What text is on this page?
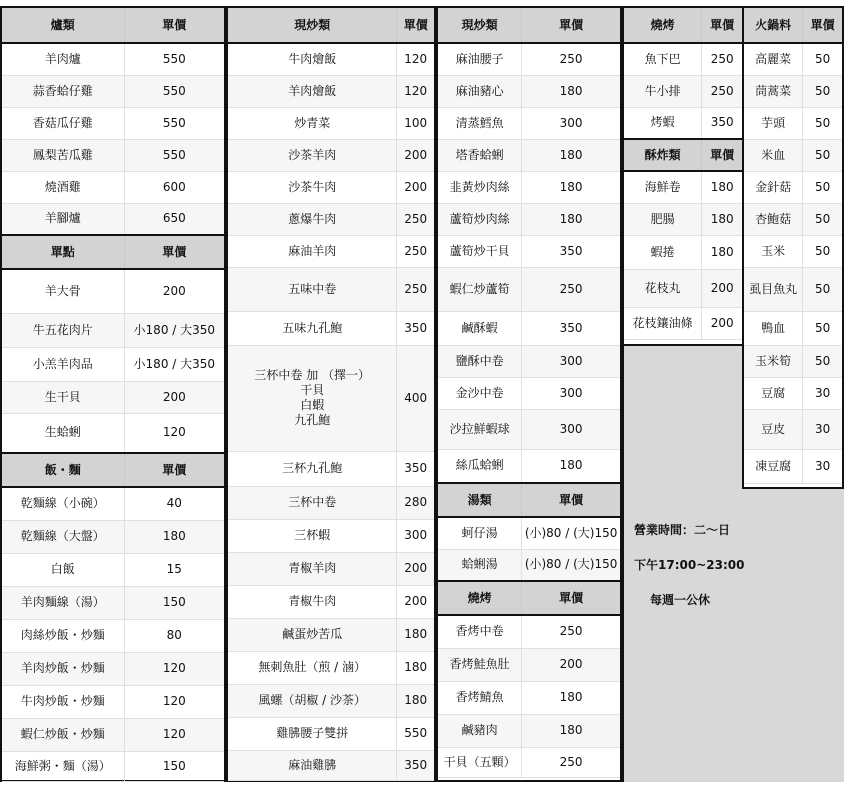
爐類	單價
羊肉爐	550
蒜香蛤仔雞	550
香菇瓜仔雞	550
鳳梨苦瓜雞	550
燒酒雞	600
羊腳爐	650
單點	單價
羊大骨	200
牛五花肉片	小180 / 大350
小羔羊肉品	小180 / 大350
生干貝	200
生蛤蜊	120
飯・麵	單價
乾麵線（小碗）	40
乾麵線（大盤）	180
白飯	15
羊肉麵線（湯）	150
肉絲炒飯・炒麵	80
羊肉炒飯・炒麵	120
牛肉炒飯・炒麵	120
蝦仁炒飯・炒麵	120
海鮮粥・麵（湯）	150
現炒類	單價
牛肉燴飯	120
羊肉燴飯	120
炒青菜	100
沙茶羊肉	200
沙茶牛肉	200
蔥爆牛肉	250
麻油羊肉	250
五味中卷	250
五味九孔鮑	350
三杯中卷 加 （擇一）
干貝
白蝦
九孔鮑	400
三杯九孔鮑	350
三杯中卷	280
三杯蝦	300
青椒羊肉	200
青椒牛肉	200
鹹蛋炒苦瓜	180
無刺魚肚（煎 / 滷）	180
風螺（胡椒 / 沙茶）	180
雞胇腰子雙拼	550
麻油雞胇	350
現炒類	單價
麻油腰子	250
麻油豬心	180
清蒸鱈魚	300
塔香蛤蜊	180
韭黃炒肉絲	180
蘆筍炒肉絲	180
蘆筍炒干貝	350
蝦仁炒蘆筍	250
鹹酥蝦	350
鹽酥中卷	300
金沙中卷	300
沙拉鮮蝦球	300
絲瓜蛤蜊	180
湯類	單價
蚵仔湯	(小)80 / (大)150
蛤蜊湯	(小)80 / (大)150
燒烤	單價
香烤中卷	250
香烤鮭魚肚	200
香烤鯖魚	180
鹹豬肉	180
干貝（五顆）	250
燒烤	單價
魚下巴	250
牛小排	250
烤蝦	350
酥炸類	單價
海鮮卷	180
肥腸	180
蝦捲	180
花枝丸	200
花枝鑲油條	200
火鍋料	單價
高麗菜	50
茼蒿菜	50
芋頭	50
米血	50
金針菇	50
杏鮑菇	50
玉米	50
虱目魚丸	50
鴨血	50
玉米筍	50
豆腐	30
豆皮	30
凍豆腐	30
營業時間：二～日
下午17:00~23:00
每週一公休
